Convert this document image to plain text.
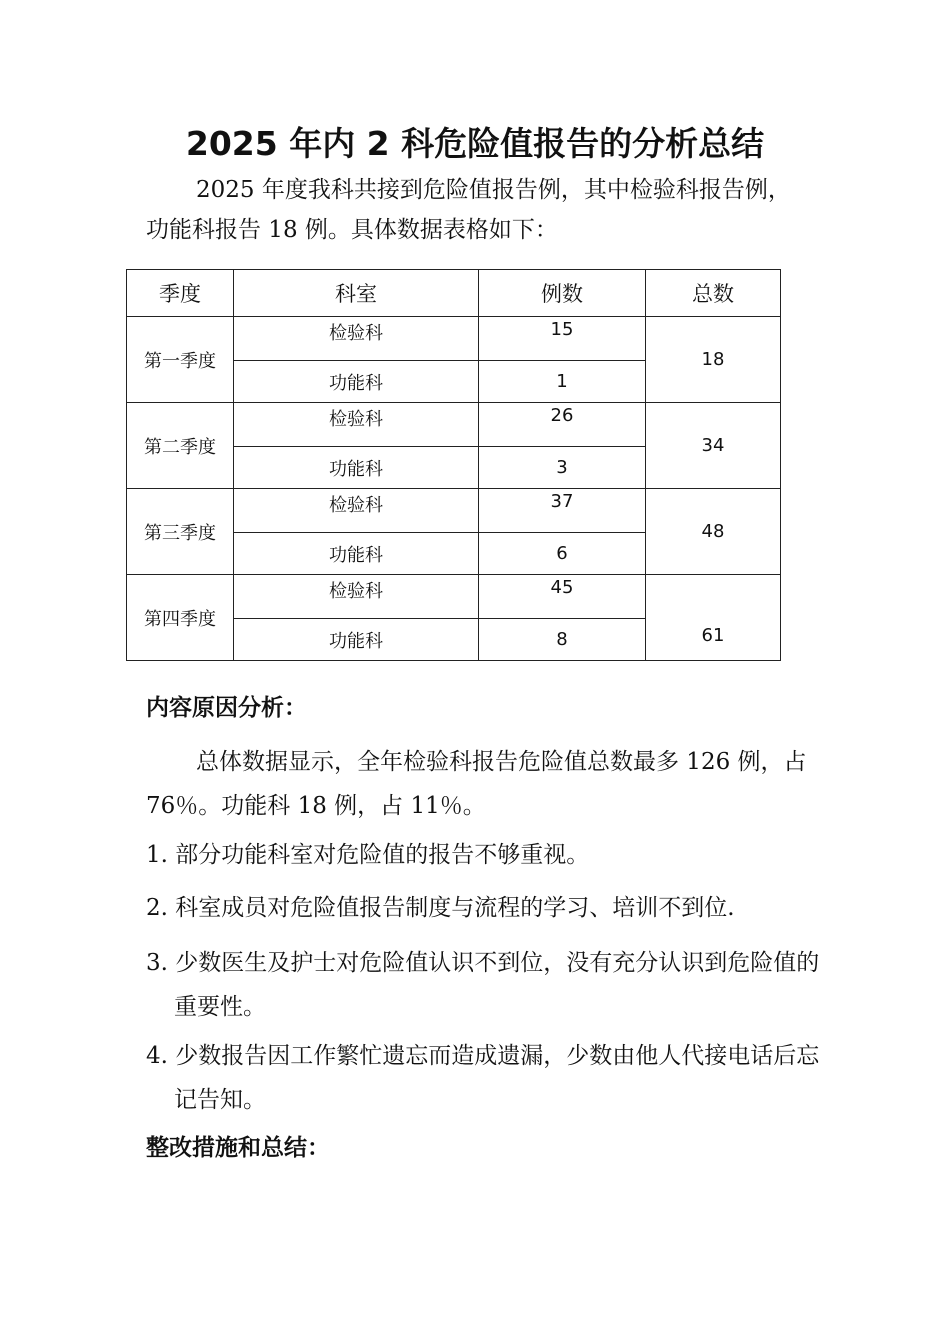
2025 年内 2 科危险值报告的分析总结

2025 年度我科共接到危险值报告例，其中检验科报告例，功能科报告 18 例。具体数据表格如下：

季度	科室	例数	总数
第一季度	检验科	15	18
	功能科	1	
第二季度	检验科	26	34
	功能科	3	
第三季度	检验科	37	48
	功能科	6	
第四季度	检验科	45	61
	功能科	8	
内容原因分析：

总体数据显示，全年检验科报告危险值总数最多 126 例，占 76％。功能科 18 例，占 11％。

1. 部分功能科室对危险值的报告不够重视。

2. 科室成员对危险值报告制度与流程的学习、培训不到位.

3. 少数医生及护士对危险值认识不到位，没有充分认识到危险值的重要性。

4. 少数报告因工作繁忙遗忘而造成遗漏，少数由他人代接电话后忘记告知。

整改措施和总结：
